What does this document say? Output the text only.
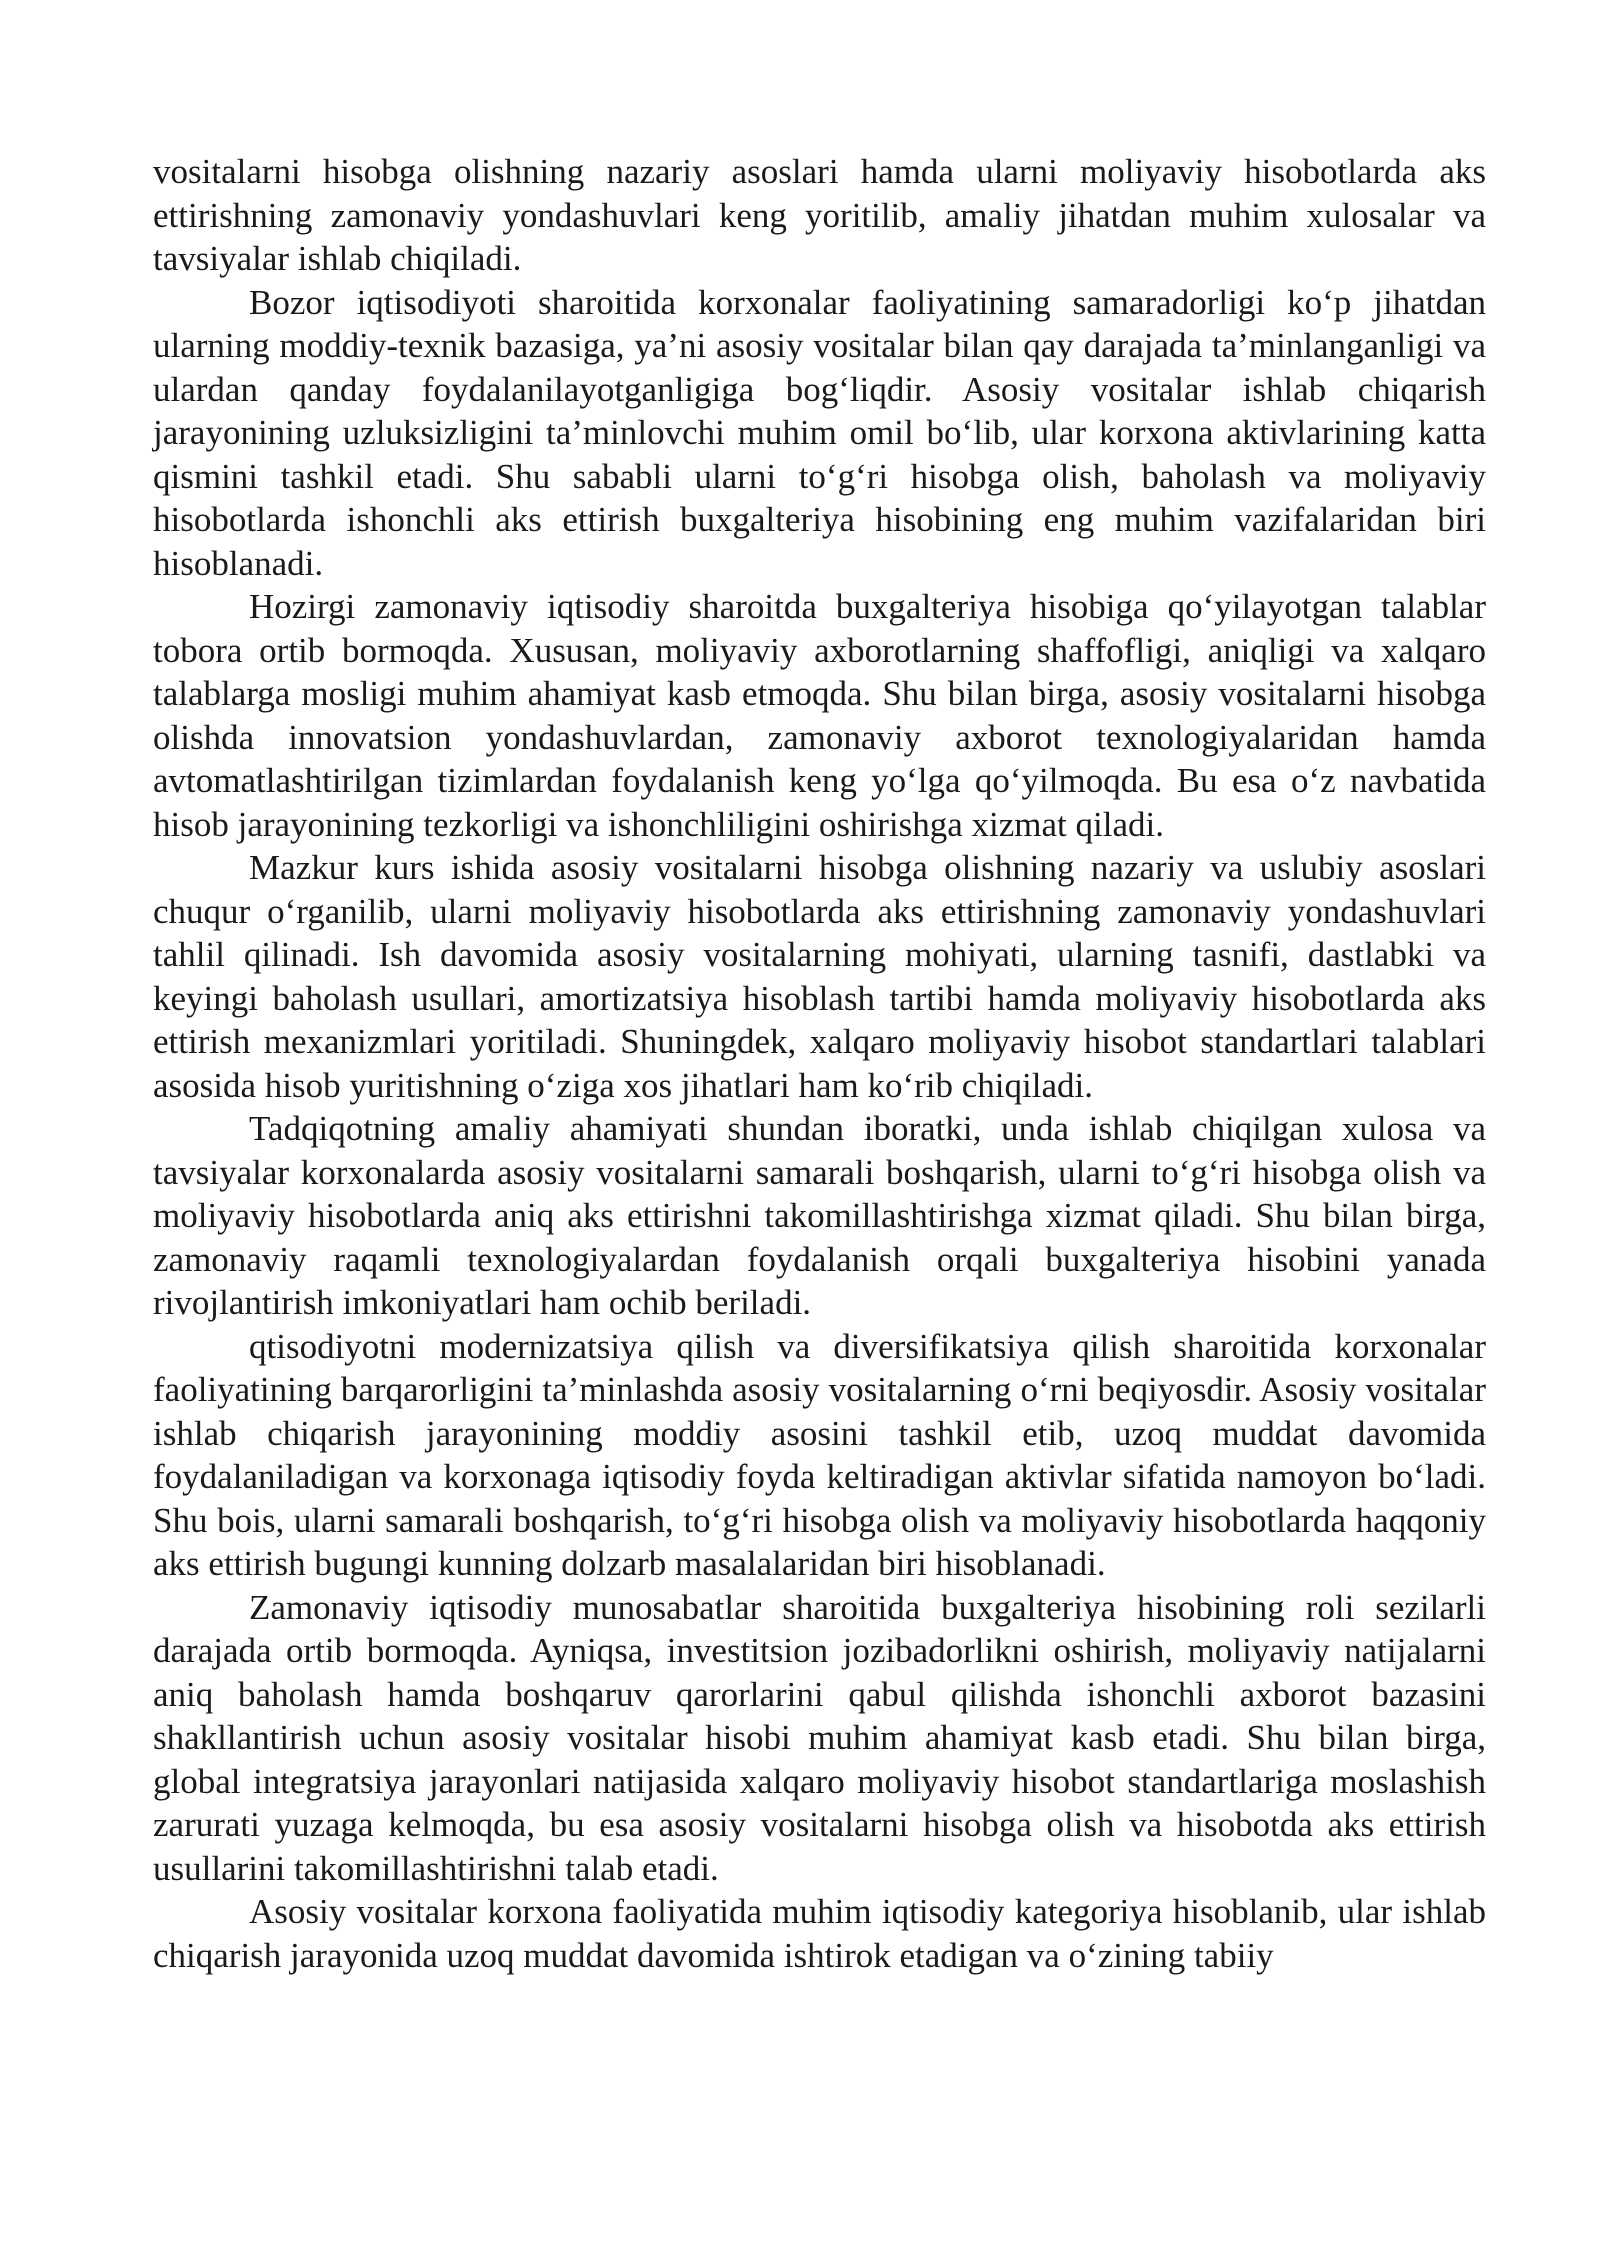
vositalarni hisobga olishning nazariy asoslari hamda ularni moliyaviy hisobotlarda aks ettirishning zamonaviy yondashuvlari keng yoritilib, amaliy jihatdan muhim xulosalar va tavsiyalar ishlab chiqiladi.

Bozor iqtisodiyoti sharoitida korxonalar faoliyatining samaradorligi ko‘p jihatdan ularning moddiy-texnik bazasiga, ya’ni asosiy vositalar bilan qay darajada ta’minlanganligi va ulardan qanday foydalanilayotganligiga bog‘liqdir. Asosiy vositalar ishlab chiqarish jarayonining uzluksizligini ta’minlovchi muhim omil bo‘lib, ular korxona aktivlarining katta qismini tashkil etadi. Shu sababli ularni to‘g‘ri hisobga olish, baholash va moliyaviy hisobotlarda ishonchli aks ettirish buxgalteriya hisobining eng muhim vazifalaridan biri hisoblanadi.

Hozirgi zamonaviy iqtisodiy sharoitda buxgalteriya hisobiga qo‘yilayotgan talablar tobora ortib bormoqda. Xususan, moliyaviy axborotlarning shaffofligi, aniqligi va xalqaro talablarga mosligi muhim ahamiyat kasb etmoqda. Shu bilan birga, asosiy vositalarni hisobga olishda innovatsion yondashuvlardan, zamonaviy axborot texnologiyalaridan hamda avtomatlashtirilgan tizimlardan foydalanish keng yo‘lga qo‘yilmoqda. Bu esa o‘z navbatida hisob jarayonining tezkorligi va ishonchliligini oshirishga xizmat qiladi.

Mazkur kurs ishida asosiy vositalarni hisobga olishning nazariy va uslubiy asoslari chuqur o‘rganilib, ularni moliyaviy hisobotlarda aks ettirishning zamonaviy yondashuvlari tahlil qilinadi. Ish davomida asosiy vositalarning mohiyati, ularning tasnifi, dastlabki va keyingi baholash usullari, amortizatsiya hisoblash tartibi hamda moliyaviy hisobotlarda aks ettirish mexanizmlari yoritiladi. Shuningdek, xalqaro moliyaviy hisobot standartlari talablari asosida hisob yuritishning o‘ziga xos jihatlari ham ko‘rib chiqiladi.

Tadqiqotning amaliy ahamiyati shundan iboratki, unda ishlab chiqilgan xulosa va tavsiyalar korxonalarda asosiy vositalarni samarali boshqarish, ularni to‘g‘ri hisobga olish va moliyaviy hisobotlarda aniq aks ettirishni takomillashtirishga xizmat qiladi. Shu bilan birga, zamonaviy raqamli texnologiyalardan foydalanish orqali buxgalteriya hisobini yanada rivojlantirish imkoniyatlari ham ochib beriladi.

qtisodiyotni modernizatsiya qilish va diversifikatsiya qilish sharoitida korxonalar faoliyatining barqarorligini ta’minlashda asosiy vositalarning o‘rni beqiyosdir. Asosiy vositalar ishlab chiqarish jarayonining moddiy asosini tashkil etib, uzoq muddat davomida foydalaniladigan va korxonaga iqtisodiy foyda keltiradigan aktivlar sifatida namoyon bo‘ladi. Shu bois, ularni samarali boshqarish, to‘g‘ri hisobga olish va moliyaviy hisobotlarda haqqoniy aks ettirish bugungi kunning dolzarb masalalaridan biri hisoblanadi.

Zamonaviy iqtisodiy munosabatlar sharoitida buxgalteriya hisobining roli sezilarli darajada ortib bormoqda. Ayniqsa, investitsion jozibadorlikni oshirish, moliyaviy natijalarni aniq baholash hamda boshqaruv qarorlarini qabul qilishda ishonchli axborot bazasini shakllantirish uchun asosiy vositalar hisobi muhim ahamiyat kasb etadi. Shu bilan birga, global integratsiya jarayonlari natijasida xalqaro moliyaviy hisobot standartlariga moslashish zarurati yuzaga kelmoqda, bu esa asosiy vositalarni hisobga olish va hisobotda aks ettirish usullarini takomillashtirishni talab etadi.

Asosiy vositalar korxona faoliyatida muhim iqtisodiy kategoriya hisoblanib, ular ishlab chiqarish jarayonida uzoq muddat davomida ishtirok etadigan va o‘zining tabiiy
